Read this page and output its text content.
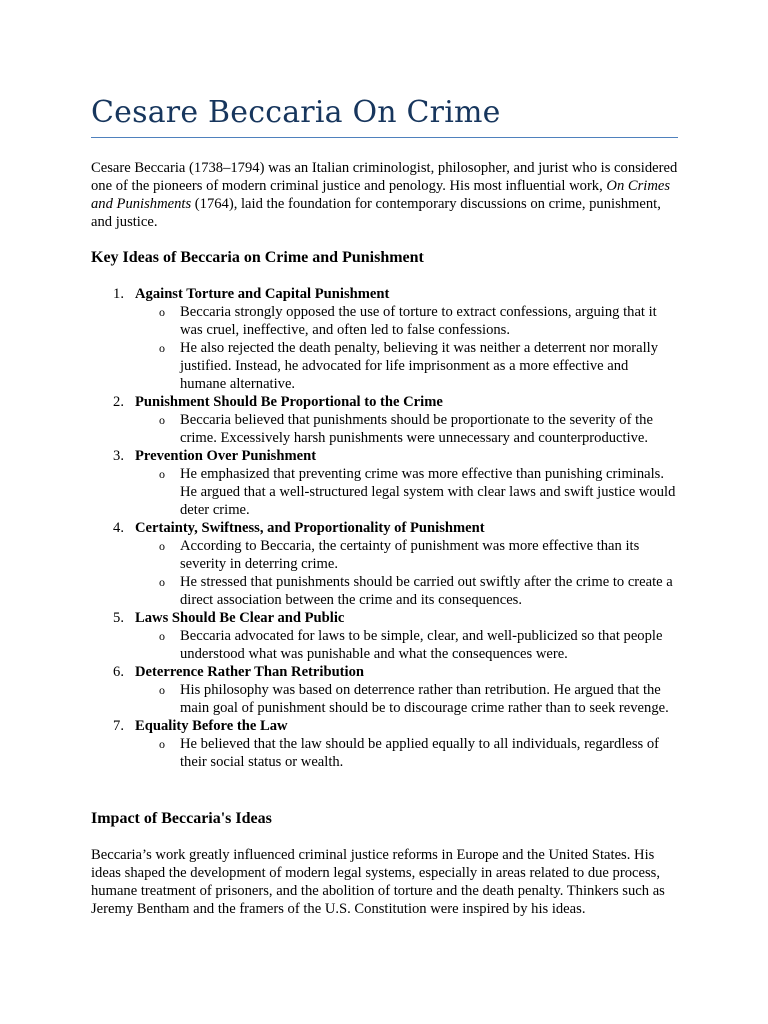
Cesare Beccaria On Crime

Cesare Beccaria (1738–1794) was an Italian criminologist, philosopher, and jurist who is considered one of the pioneers of modern criminal justice and penology. His most influential work, On Crimes and Punishments (1764), laid the foundation for contemporary discussions on crime, punishment, and justice.

Key Ideas of Beccaria on Crime and Punishment
1. Against Torture and Capital Punishment
o Beccaria strongly opposed the use of torture to extract confessions, arguing that it was cruel, ineffective, and often led to false confessions.
o He also rejected the death penalty, believing it was neither a deterrent nor morally justified. Instead, he advocated for life imprisonment as a more effective and humane alternative.
2. Punishment Should Be Proportional to the Crime
o Beccaria believed that punishments should be proportionate to the severity of the crime. Excessively harsh punishments were unnecessary and counterproductive.
3. Prevention Over Punishment
o He emphasized that preventing crime was more effective than punishing criminals. He argued that a well-structured legal system with clear laws and swift justice would deter crime.
4. Certainty, Swiftness, and Proportionality of Punishment
o According to Beccaria, the certainty of punishment was more effective than its severity in deterring crime.
o He stressed that punishments should be carried out swiftly after the crime to create a direct association between the crime and its consequences.
5. Laws Should Be Clear and Public
o Beccaria advocated for laws to be simple, clear, and well-publicized so that people understood what was punishable and what the consequences were.
6. Deterrence Rather Than Retribution
o His philosophy was based on deterrence rather than retribution. He argued that the main goal of punishment should be to discourage crime rather than to seek revenge.
7. Equality Before the Law
o He believed that the law should be applied equally to all individuals, regardless of their social status or wealth.
Impact of Beccaria's Ideas

Beccaria’s work greatly influenced criminal justice reforms in Europe and the United States. His ideas shaped the development of modern legal systems, especially in areas related to due process, humane treatment of prisoners, and the abolition of torture and the death penalty. Thinkers such as Jeremy Bentham and the framers of the U.S. Constitution were inspired by his ideas.
